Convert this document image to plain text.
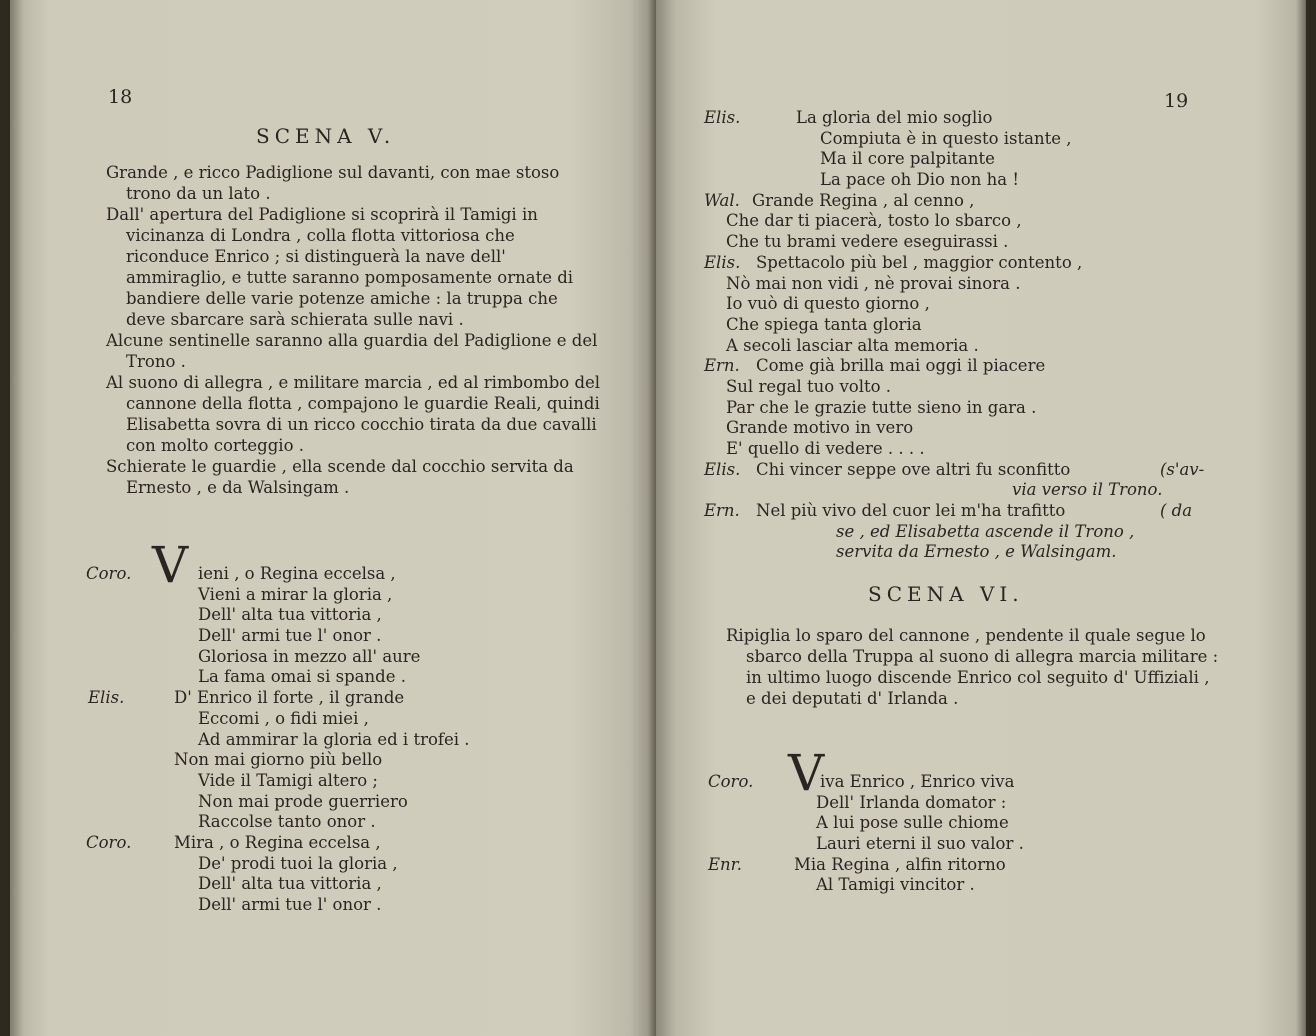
18
SCENA V.

Grande , e ricco Padiglione sul davanti, con mae stoso trono da un lato .

Dall' apertura del Padiglione si scoprirà il Tamigi in vicinanza di Londra , colla flotta vittoriosa che riconduce Enrico ; si distinguerà la nave dell' ammiraglio, e tutte saranno pomposamente ornate di bandiere delle varie potenze amiche : la truppa che deve sbarcare sarà schierata sulle navi .

Alcune sentinelle saranno alla guardia del Padiglione e del Trono .

Al suono di allegra , e militare marcia , ed al rimbombo del cannone della flotta , compajono le guardie Reali, quindi Elisabetta sovra di un ricco cocchio tirata da due cavalli con molto corteggio .

Schierate le guardie , ella scende dal cocchio servita da Ernesto , e da Walsingam .

Coro. V ieni , o Regina eccelsa ,
Vieni a mirar la gloria ,
Dell' alta tua vittoria ,
Dell' armi tue l' onor .
Gloriosa in mezzo all' aure
La fama omai si spande .
Elis.	D' Enrico il forte , il grande
Eccomi , o fidi miei ,
Ad ammirar la gloria ed i trofei .
Non mai giorno più bello
Vide il Tamigi altero ;
Non mai prode guerriero
Raccolse tanto onor .
Coro.	Mira , o Regina eccelsa ,
De' prodi tuoi la gloria ,
Dell' alta tua vittoria ,
Dell' armi tue l' onor .
19
Elis.	La gloria del mio soglio
Compiuta è in questo istante ,
Ma il core palpitante
La pace oh Dio non ha !
Wal. Grande Regina , al cenno ,
Che dar ti piacerà, tosto lo sbarco ,
Che tu brami vedere eseguirassi .
Elis. Spettacolo più bel , maggior contento ,
Nò mai non vidi , nè provai sinora .
Io vuò di questo giorno ,
Che spiega tanta gloria
A secoli lasciar alta memoria .
Ern. Come già brilla mai oggi il piacere
Sul regal tuo volto .
Par che le grazie tutte sieno in gara .
Grande motivo in vero
E' quello di vedere . . . .
Elis. Chi vincer seppe ove altri fu sconfitto	(s'av-
via verso il Trono.
Ern. Nel più vivo del cuor lei m'ha trafitto	( da
se , ed Elisabetta ascende il Trono ,
servita da Ernesto , e Walsingam.
SCENA VI.

Ripiglia lo sparo del cannone , pendente il quale segue lo sbarco della Truppa al suono di allegra marcia militare : in ultimo luogo discende Enrico col seguito d' Uffiziali , e dei deputati d' Irlanda .

Coro. V
iva Enrico , Enrico viva
Dell' Irlanda domator :
A lui pose sulle chiome
Lauri eterni il suo valor .
Enr.	Mia Regina , alfin ritorno
Al Tamigi vincitor .
